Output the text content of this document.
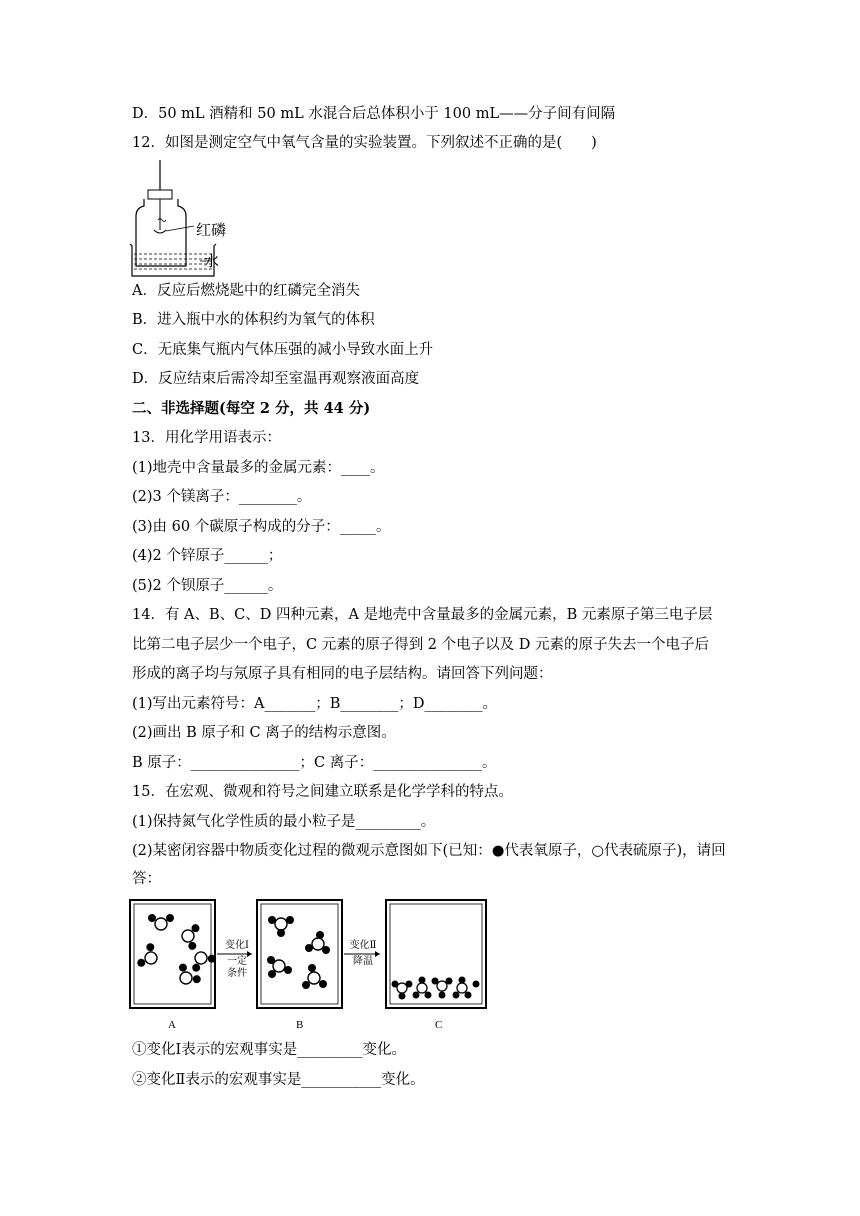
D．50 mL 酒精和 50 mL 水混合后总体积小于 100 mL——分子间有间隔
12．如图是测定空气中氧气含量的实验装置。下列叙述不正确的是(　　)
红磷
水
A．反应后燃烧匙中的红磷完全消失
B．进入瓶中水的体积约为氧气的体积
C．无底集气瓶内气体压强的减小导致水面上升
D．反应结束后需冷却至室温再观察液面高度
二、非选择题(每空 2 分，共 44 分)
13．用化学用语表示：
(1)地壳中含量最多的金属元素：____。
(2)3 个镁离子：________。
(3)由 60 个碳原子构成的分子：_____。
(4)2 个锌原子______；
(5)2 个钡原子______。
14．有 A、B、C、D 四种元素，A 是地壳中含量最多的金属元素，B 元素原子第三电子层
比第二电子层少一个电子，C 元素的原子得到 2 个电子以及 D 元素的原子失去一个电子后
形成的离子均与氖原子具有相同的电子层结构。请回答下列问题：
(1)写出元素符号：A_______；B________；D________。
(2)画出 B 原子和 C 离子的结构示意图。
B 原子：_______________；C 离子：_______________。
15．在宏观、微观和符号之间建立联系是化学学科的特点。
(1)保持氮气化学性质的最小粒子是_________。
(2)某密闭容器中物质变化过程的微观示意图如下(已知：●代表氧原子，○代表硫原子)，请回
答：
A	B	C
变化Ⅰ
一定
条件
变化Ⅱ
降温
①变化Ⅰ表示的宏观事实是_________变化。
②变化Ⅱ表示的宏观事实是___________变化。
